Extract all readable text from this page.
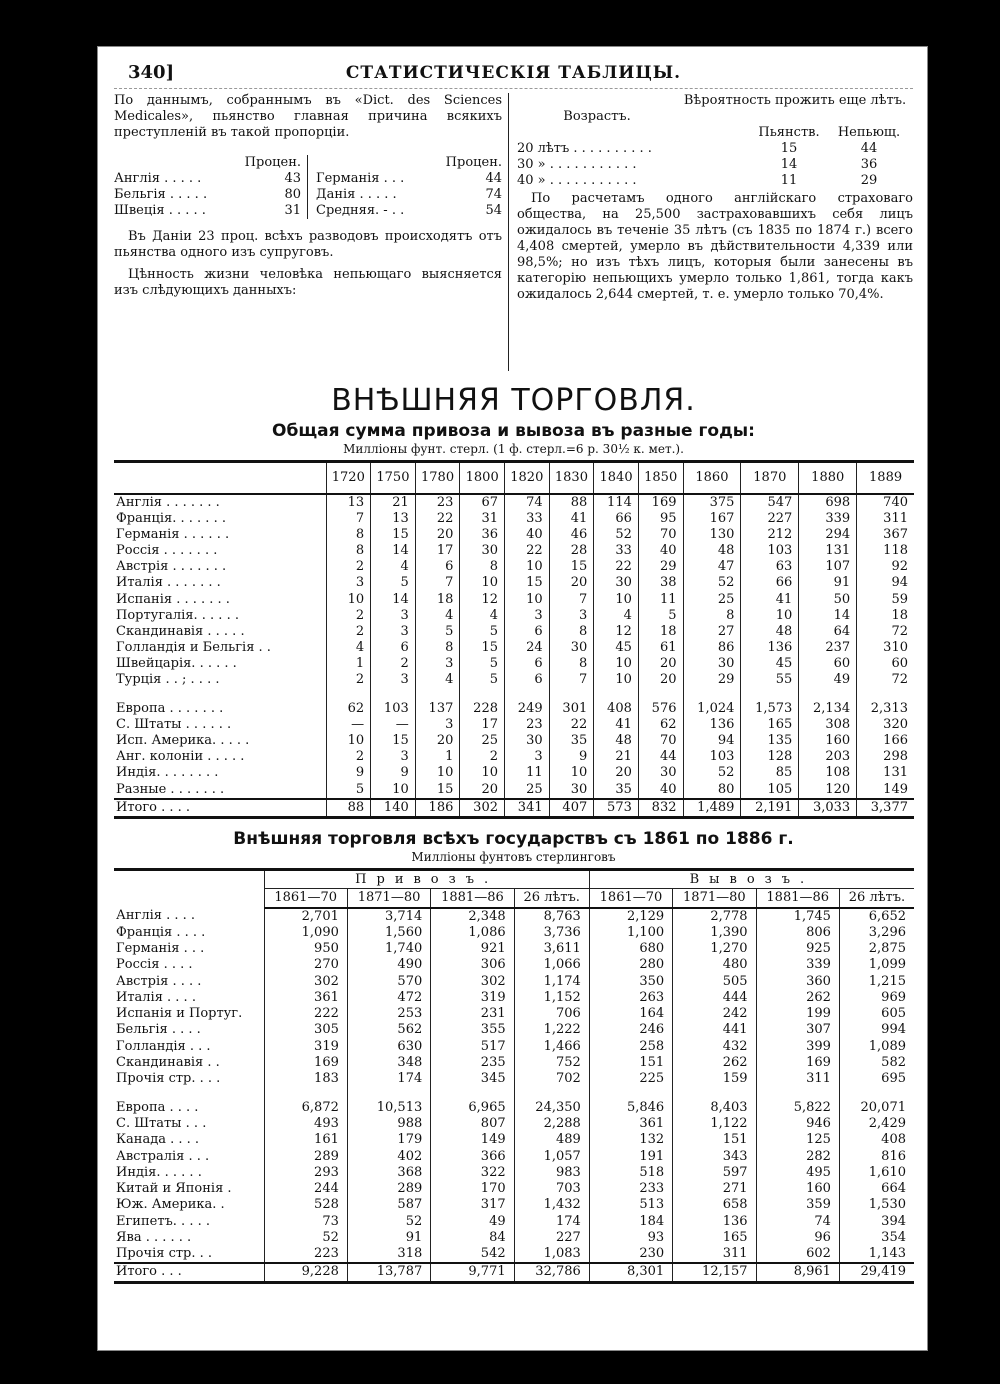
340]	СТАТИСТИЧЕСКІЯ ТАБЛИЦЫ.

По даннымъ, собраннымъ въ «Dict. des Sciences Medicales», пьянство главная причина всякихъ преступленій въ такой пропорціи.

Процен.
Англія . . . . .	43
Бельгія . . . . .	80
Швеція . . . . .	31
Процен.
Германія . . .	44
Данія . . . . .	74
Средняя. - . .	54

Въ Даніи 23 проц. всѣхъ разводовъ происходятъ отъ пьянства одного изъ супруговъ.

Цѣнность жизни человѣка непьющаго выясняется изъ слѣдующихъ данныхъ:

Возрастъ.
Вѣроятность прожить еще лѣтъ.
Пьянств.	Непьющ.
20 лѣтъ . . . . . . . . . .	15	44
30 » . . . . . . . . . . .	14	36
40 » . . . . . . . . . . .	11	29

По расчетамъ одного англійскаго страховаго общества, на 25,500 застраховавшихъ себя лицъ ожидалось въ теченіе 35 лѣтъ (съ 1835 по 1874 г.) всего 4,408 смертей, умерло въ дѣйствительности 4,339 или 98,5%; но изъ тѣхъ лицъ, которыя были занесены въ категорію непьющихъ умерло только 1,861, тогда какъ ожидалось 2,644 смертей, т. е. умерло только 70,4%.

ВНѢШНЯЯ ТОРГОВЛЯ.
Общая сумма привоза и вывоза въ разные годы:
Милліоны фунт. стерл. (1 ф. стерл.=6 р. 30½ к. мет.).
	1720	1750	1780	1800	1820	1830	1840	1850	1860	1870	1880	1889
Англія . . . . . . .	13	21	23	67	74	88	114	169	375	547	698	740
Франція. . . . . . .	7	13	22	31	33	41	66	95	167	227	339	311
Германія . . . . . .	8	15	20	36	40	46	52	70	130	212	294	367
Россія . . . . . . .	8	14	17	30	22	28	33	40	48	103	131	118
Австрія . . . . . . .	2	4	6	8	10	15	22	29	47	63	107	92
Италія . . . . . . .	3	5	7	10	15	20	30	38	52	66	91	94
Испанія . . . . . . .	10	14	18	12	10	7	10	11	25	41	50	59
Португалія. . . . . .	2	3	4	4	3	3	4	5	8	10	14	18
Скандинавія . . . . .	2	3	5	5	6	8	12	18	27	48	64	72
Голландія и Бельгія . .	4	6	8	15	24	30	45	61	86	136	237	310
Швейцарія. . . . . .	1	2	3	5	6	8	10	20	30	45	60	60
Турція . . ; . . . .	2	3	4	5	6	7	10	20	29	55	49	72

Европа . . . . . . .	62	103	137	228	249	301	408	576	1,024	1,573	2,134	2,313
С. Штаты . . . . . .	—	—	3	17	23	22	41	62	136	165	308	320
Исп. Америка. . . . .	10	15	20	25	30	35	48	70	94	135	160	166
Анг. колоніи . . . . .	2	3	1	2	3	9	21	44	103	128	203	298
Индія. . . . . . . .	9	9	10	10	11	10	20	30	52	85	108	131
Разные . . . . . . .	5	10	15	20	25	30	35	40	80	105	120	149
Итого . . . .	88	140	186	302	341	407	573	832	1,489	2,191	3,033	3,377
Внѣшняя торговля всѣхъ государствъ съ 1861 по 1886 г.
Милліоны фунтовъ стерлинговъ
	Привозъ.				Вывозъ.			
	1861—70	1871—80	1881—86	26 лѣтъ.	1861—70	1871—80	1881—86	26 лѣтъ.
Англія . . . .	2,701	3,714	2,348	8,763	2,129	2,778	1,745	6,652
Франція . . . .	1,090	1,560	1,086	3,736	1,100	1,390	806	3,296
Германія . . .	950	1,740	921	3,611	680	1,270	925	2,875
Россія . . . .	270	490	306	1,066	280	480	339	1,099
Австрія . . . .	302	570	302	1,174	350	505	360	1,215
Италія . . . .	361	472	319	1,152	263	444	262	969
Испанія и Португ.	222	253	231	706	164	242	199	605
Бельгія . . . .	305	562	355	1,222	246	441	307	994
Голландія . . .	319	630	517	1,466	258	432	399	1,089
Скандинавія . .	169	348	235	752	151	262	169	582
Прочія стр. . . .	183	174	345	702	225	159	311	695

Европа . . . .	6,872	10,513	6,965	24,350	5,846	8,403	5,822	20,071
С. Штаты . . .	493	988	807	2,288	361	1,122	946	2,429
Канада . . . .	161	179	149	489	132	151	125	408
Австралія . . .	289	402	366	1,057	191	343	282	816
Индія. . . . . .	293	368	322	983	518	597	495	1,610
Китай и Японія .	244	289	170	703	233	271	160	664
Юж. Америка. .	528	587	317	1,432	513	658	359	1,530
Египетъ. . . . .	73	52	49	174	184	136	74	394
Ява . . . . . .	52	91	84	227	93	165	96	354
Прочія стр. . .	223	318	542	1,083	230	311	602	1,143
Итого . . .	9,228	13,787	9,771	32,786	8,301	12,157	8,961	29,419
